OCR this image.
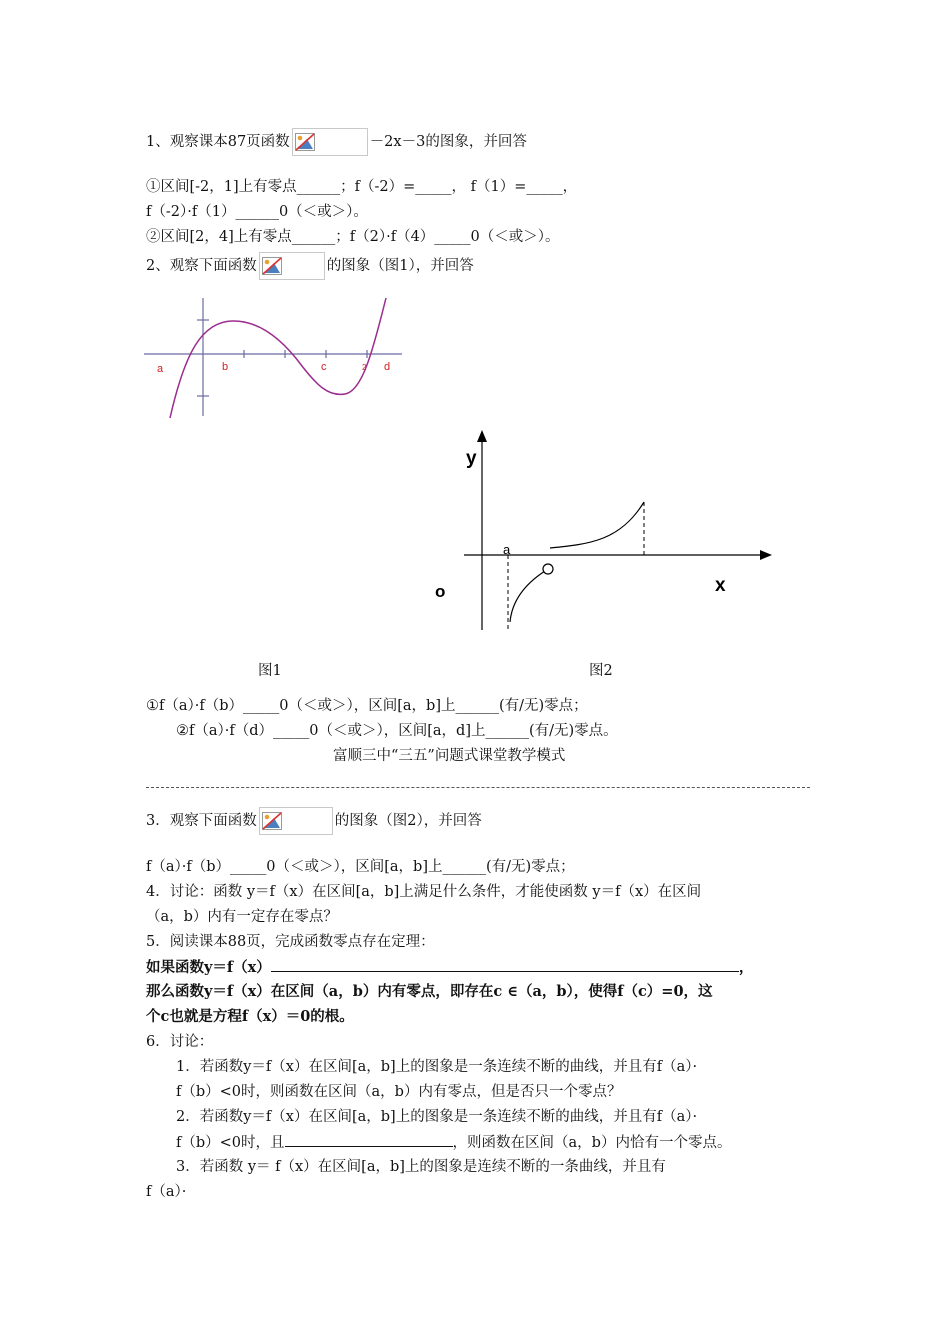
1、观察课本87页函数	－2x－3的图象，并回答
①区间[-2，1]上有零点______；f（-2）=_____， f（1）=_____，
f（-2）·f（1）______0（＜或＞）。
②区间[2，4]上有零点______；f（2）·f（4）_____0（＜或＞）。
2、观察下面函数	的图象（图1），并回答
a	b	c	2 d
y
x
o
a
图1	图2
①f（a）·f（b）_____0（＜或＞），区间[a，b]上______(有/无)零点；
②f（a）·f（d）_____0（＜或＞），区间[a，d]上______(有/无)零点。
富顺三中“三五”问题式课堂教学模式
3．观察下面函数	的图象（图2），并回答
f（a）·f（b）_____0（＜或＞），区间[a，b]上______(有/无)零点；
4．讨论：函数 y＝f（x）在区间[a，b]上满足什么条件，才能使函数 y＝f（x）在区间
（a，b）内有一定存在零点？
5．阅读课本88页，完成函数零点存在定理：
如果函数y＝f（x）	，
那么函数y＝f（x）在区间（a，b）内有零点，即存在c ∈（a，b），使得f（c）=0，这
个c也就是方程f（x）＝0的根。
6．讨论：
1．若函数y＝f（x）在区间[a，b]上的图象是一条连续不断的曲线，并且有f（a）·
f（b）<0时，则函数在区间（a，b）内有零点，但是否只一个零点？
2．若函数y＝f（x）在区间[a，b]上的图象是一条连续不断的曲线，并且有f（a）·
f（b）<0时，且	，则函数在区间（a，b）内恰有一个零点。
3．若函数 y＝ f（x）在区间[a，b]上的图象是连续不断的一条曲线，并且有
f（a）·
